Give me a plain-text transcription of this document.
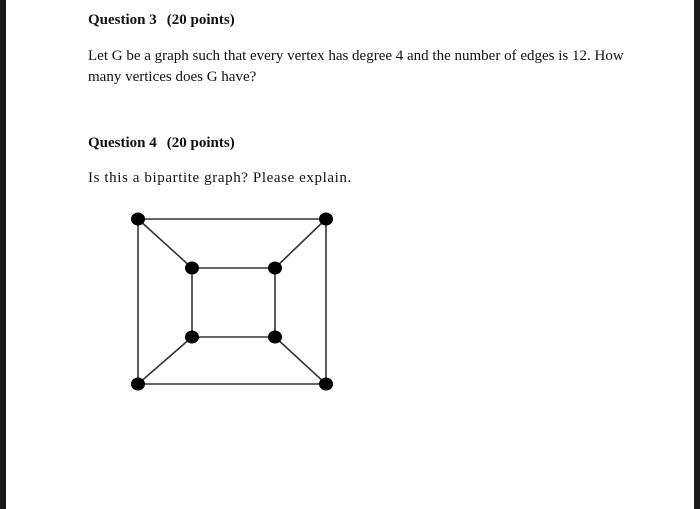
Question 3 (20 points)

Let G be a graph such that every vertex has degree 4 and the number of edges is 12. How many vertices does G have?

Question 4 (20 points)

Is this a bipartite graph? Please explain.
